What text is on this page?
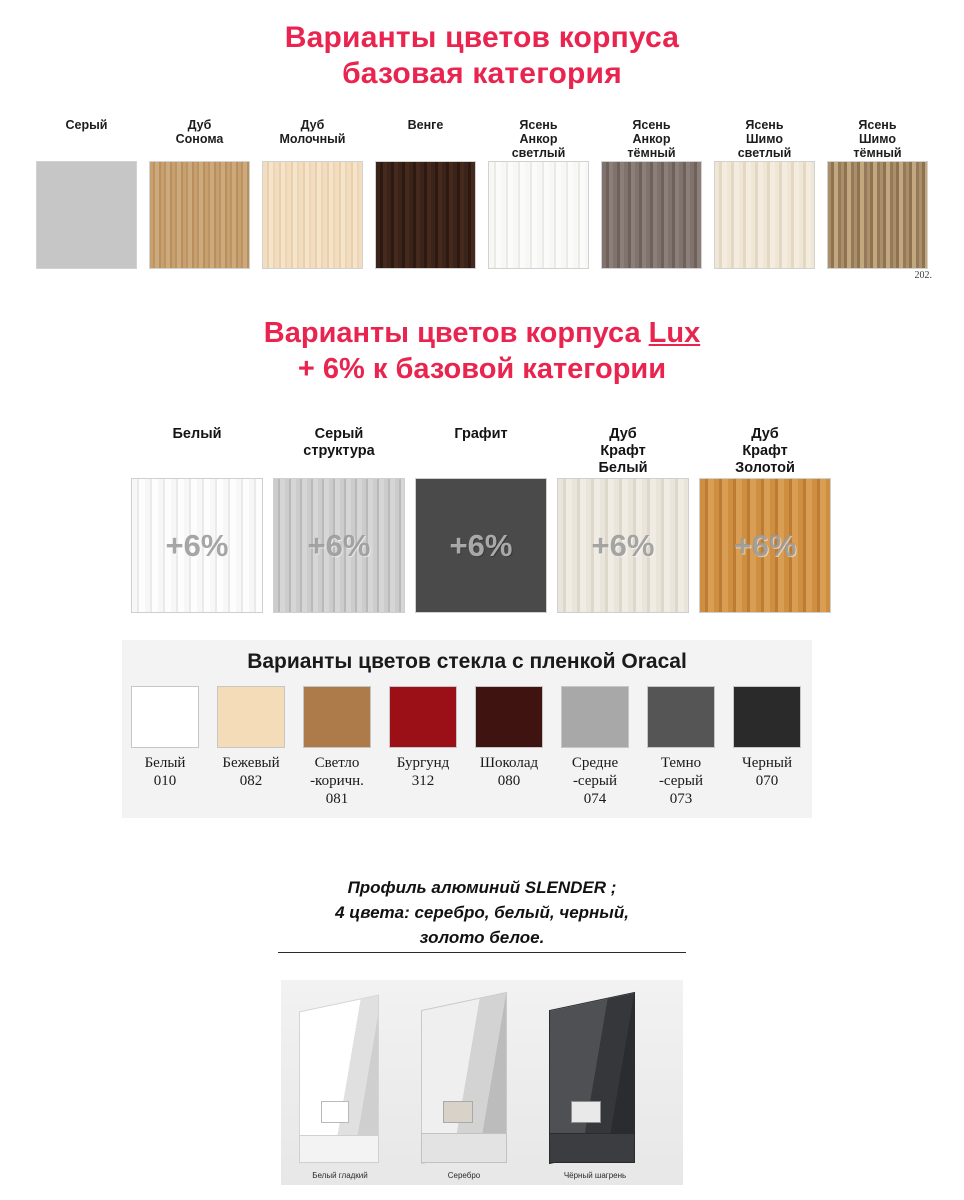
Варианты цветов корпуса
базовая категория
Серый	Дуб
Сонома
Дуб
Молочный
Венге	Ясень
Анкор
светлый
Ясень
Анкор
тёмный
Ясень
Шимо
светлый
Ясень
Шимо
тёмный
202.
Варианты цветов корпуса Lux
+ 6% к базовой категории
Белый
+6%
Серый
структура
+6%
Графит
+6%
Дуб
Крафт
Белый
+6%
Дуб
Крафт
Золотой
+6%
Варианты цветов стекла с пленкой Oracal
Белый
010
Бежевый
082
Светло
-коричн.
081
Бургунд
312
Шоколад
080
Средне
-серый
074
Темно
-серый
073
Черный
070
Профиль алюминий SLENDER ;
4 цвета: серебро, белый, черный,
золото белое.
Белый гладкий	Серебро	Чёрный шагрень
